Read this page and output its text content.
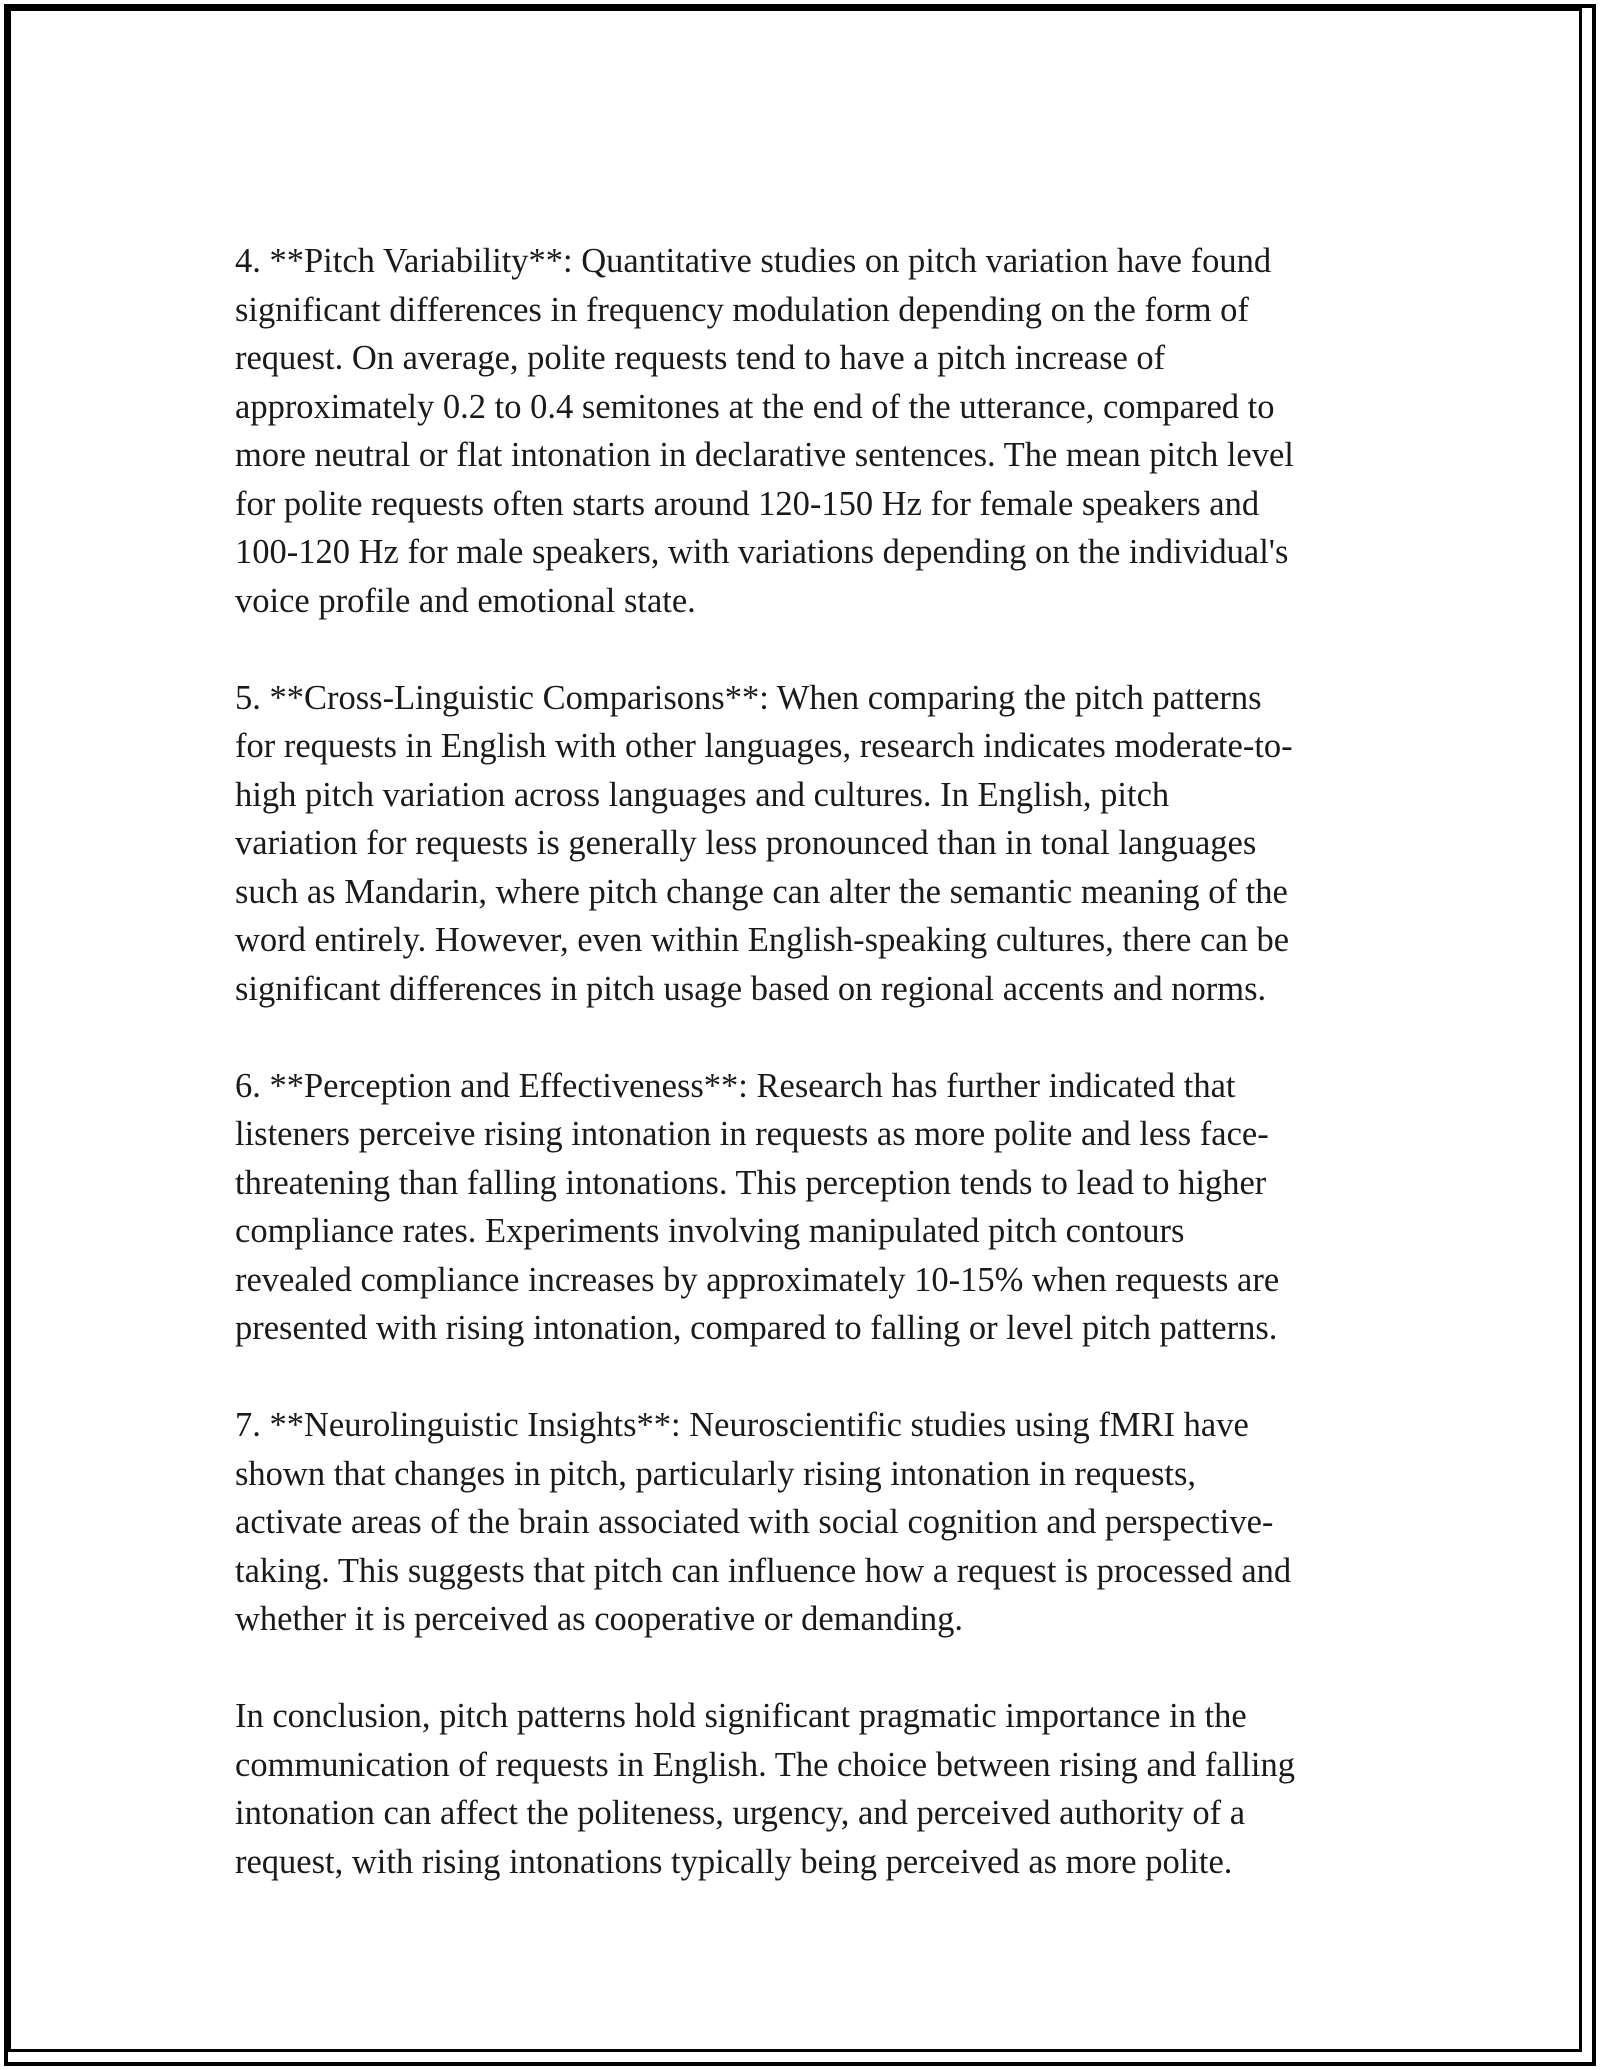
4. **Pitch Variability**: Quantitative studies on pitch variation have found
significant differences in frequency modulation depending on the form of
request. On average, polite requests tend to have a pitch increase of
approximately 0.2 to 0.4 semitones at the end of the utterance, compared to
more neutral or flat intonation in declarative sentences. The mean pitch level
for polite requests often starts around 120-150 Hz for female speakers and
100-120 Hz for male speakers, with variations depending on the individual's
voice profile and emotional state.

5. **Cross-Linguistic Comparisons**: When comparing the pitch patterns
for requests in English with other languages, research indicates moderate-to-
high pitch variation across languages and cultures. In English, pitch
variation for requests is generally less pronounced than in tonal languages
such as Mandarin, where pitch change can alter the semantic meaning of the
word entirely. However, even within English-speaking cultures, there can be
significant differences in pitch usage based on regional accents and norms.

6. **Perception and Effectiveness**: Research has further indicated that
listeners perceive rising intonation in requests as more polite and less face-
threatening than falling intonations. This perception tends to lead to higher
compliance rates. Experiments involving manipulated pitch contours
revealed compliance increases by approximately 10-15% when requests are
presented with rising intonation, compared to falling or level pitch patterns.

7. **Neurolinguistic Insights**: Neuroscientific studies using fMRI have
shown that changes in pitch, particularly rising intonation in requests,
activate areas of the brain associated with social cognition and perspective-
taking. This suggests that pitch can influence how a request is processed and
whether it is perceived as cooperative or demanding.

In conclusion, pitch patterns hold significant pragmatic importance in the
communication of requests in English. The choice between rising and falling
intonation can affect the politeness, urgency, and perceived authority of a
request, with rising intonations typically being perceived as more polite.
